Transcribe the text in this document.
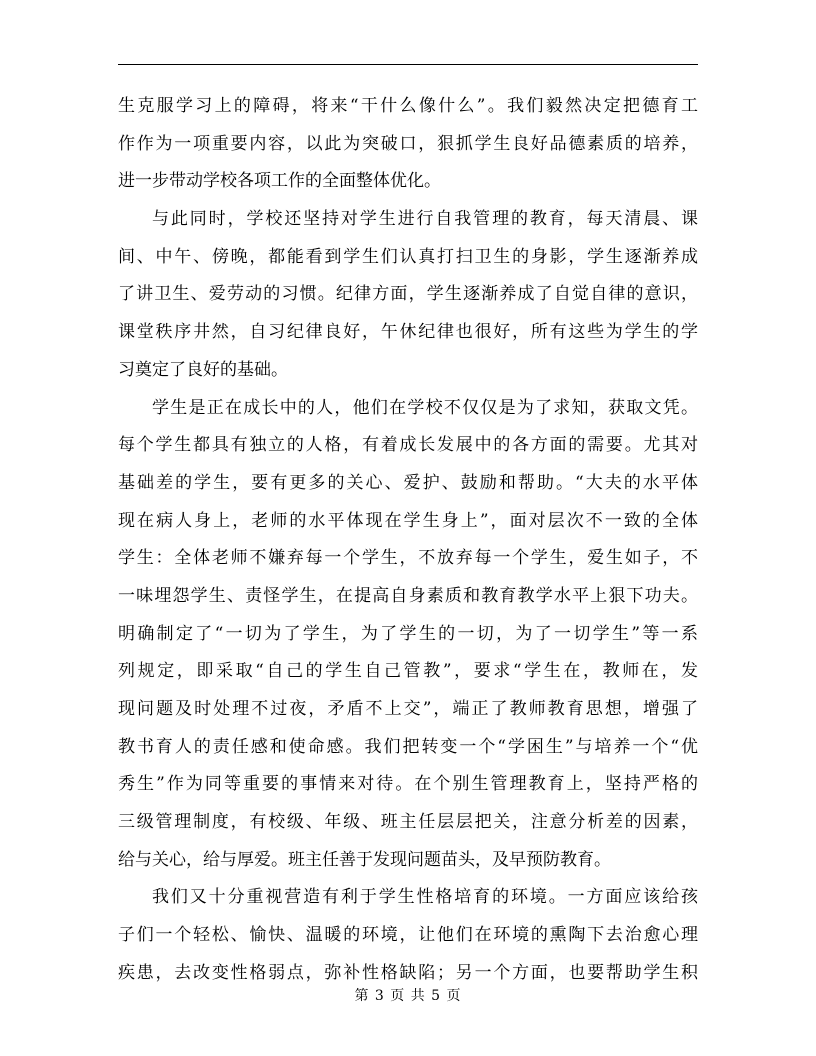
生克服学习上的障碍，将来“干什么像什么”。我们毅然决定把德育工
作作为一项重要内容，以此为突破口，狠抓学生良好品德素质的培养，
进一步带动学校各项工作的全面整体优化。
与此同时，学校还坚持对学生进行自我管理的教育，每天清晨、课
间、中午、傍晚，都能看到学生们认真打扫卫生的身影，学生逐渐养成
了讲卫生、爱劳动的习惯。纪律方面，学生逐渐养成了自觉自律的意识，
课堂秩序井然，自习纪律良好，午休纪律也很好，所有这些为学生的学
习奠定了良好的基础。
学生是正在成长中的人，他们在学校不仅仅是为了求知，获取文凭。
每个学生都具有独立的人格，有着成长发展中的各方面的需要。尤其对
基础差的学生，要有更多的关心、爱护、鼓励和帮助。“大夫的水平体
现在病人身上，老师的水平体现在学生身上”，面对层次不一致的全体
学生：全体老师不嫌弃每一个学生，不放弃每一个学生，爱生如子，不
一味埋怨学生、责怪学生，在提高自身素质和教育教学水平上狠下功夫。
明确制定了“一切为了学生，为了学生的一切，为了一切学生”等一系
列规定，即采取“自己的学生自己管教”，要求“学生在，教师在，发
现问题及时处理不过夜，矛盾不上交”，端正了教师教育思想，增强了
教书育人的责任感和使命感。我们把转变一个“学困生”与培养一个“优
秀生”作为同等重要的事情来对待。在个别生管理教育上，坚持严格的
三级管理制度，有校级、年级、班主任层层把关，注意分析差的因素，
给与关心，给与厚爱。班主任善于发现问题苗头，及早预防教育。
我们又十分重视营造有利于学生性格培育的环境。一方面应该给孩
子们一个轻松、愉快、温暖的环境，让他们在环境的熏陶下去治愈心理
疾患，去改变性格弱点，弥补性格缺陷；另一个方面，也要帮助学生积
第 3 页 共 5 页
